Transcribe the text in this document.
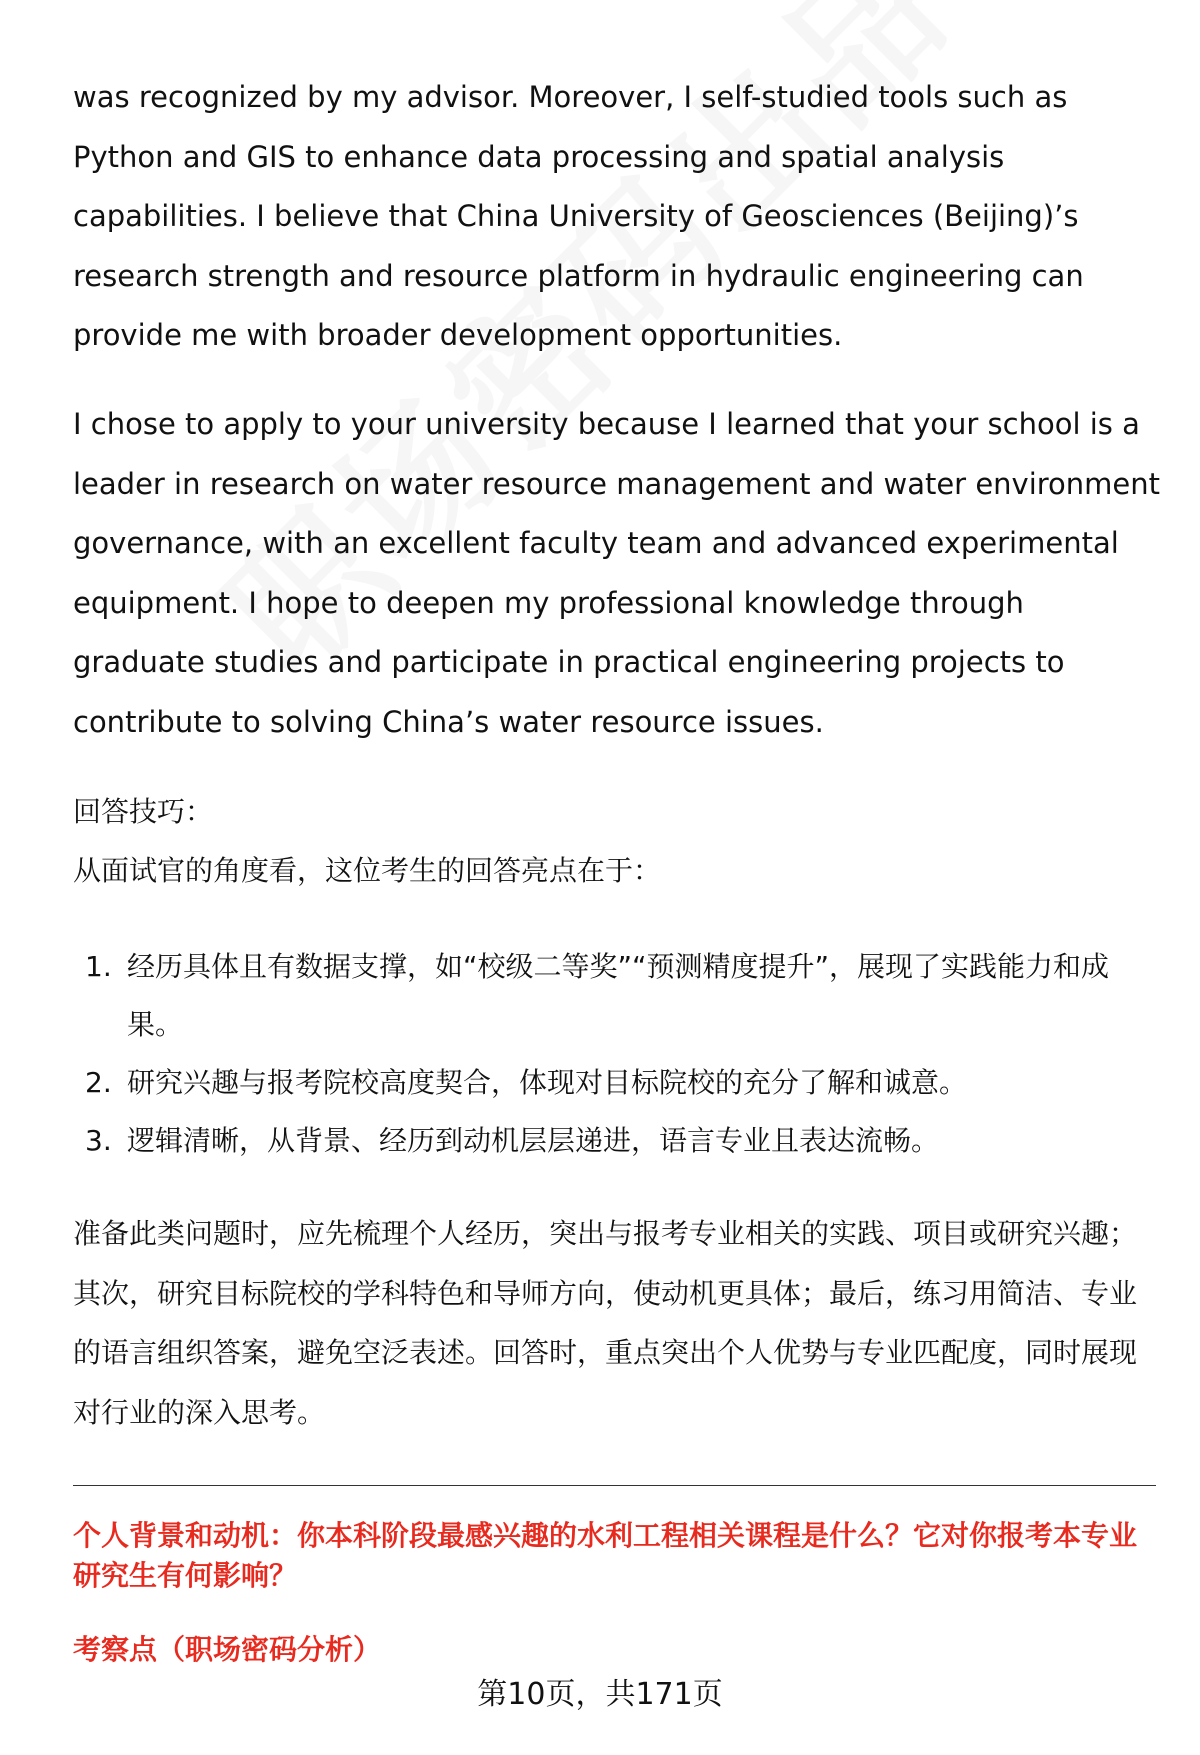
was recognized by my advisor. Moreover, I self-studied tools such as Python and GIS to enhance data processing and spatial analysis capabilities. I believe that China University of Geosciences (Beijing)’s research strength and resource platform in hydraulic engineering can provide me with broader development opportunities.

I chose to apply to your university because I learned that your school is a leader in research on water resource management and water environment governance, with an excellent faculty team and advanced experimental equipment. I hope to deepen my professional knowledge through graduate studies and participate in practical engineering projects to contribute to solving China’s water resource issues.

回答技巧：

从面试官的角度看，这位考生的回答亮点在于：

1. 经历具体且有数据支撑，如“校级二等奖”“预测精度提升”，展现了实践能力和成果。
2. 研究兴趣与报考院校高度契合，体现对目标院校的充分了解和诚意。
3. 逻辑清晰，从背景、经历到动机层层递进，语言专业且表达流畅。

准备此类问题时，应先梳理个人经历，突出与报考专业相关的实践、项目或研究兴趣；其次，研究目标院校的学科特色和导师方向，使动机更具体；最后，练习用简洁、专业的语言组织答案，避免空泛表述。回答时，重点突出个人优势与专业匹配度，同时展现对行业的深入思考。

个人背景和动机：你本科阶段最感兴趣的水利工程相关课程是什么？它对你报考本专业研究生有何影响？

考察点（职场密码分析）

第10页，共171页
